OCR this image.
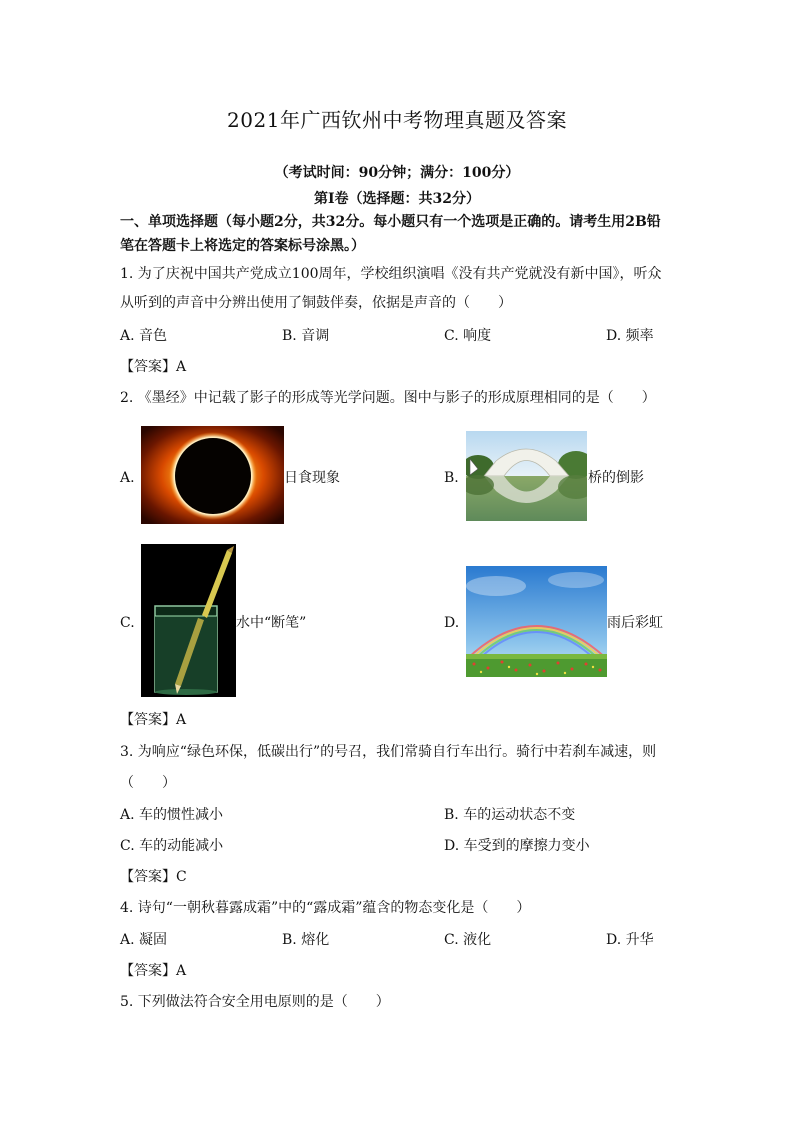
2021年广西钦州中考物理真题及答案
（考试时间：90分钟；满分：100分）
第Ⅰ卷（选择题：共32分）
一、单项选择题（每小题2分，共32分。每小题只有一个选项是正确的。请考生用2B铅
笔在答题卡上将选定的答案标号涂黑。）
1. 为了庆祝中国共产党成立100周年，学校组织演唱《没有共产党就没有新中国》，听众
从听到的声音中分辨出使用了铜鼓伴奏，依据是声音的（　　）
A. 音色	B. 音调	C. 响度	D. 频率
【答案】A
2. 《墨经》中记载了影子的形成等光学问题。图中与影子的形成原理相同的是（　　）
A.	日食现象	B.	桥的倒影
C.	水中“断笔”	D.	雨后彩虹
【答案】A
3. 为响应“绿色环保，低碳出行”的号召，我们常骑自行车出行。骑行中若刹车减速，则
（　　）
A. 车的惯性减小	B. 车的运动状态不变
C. 车的动能减小	D. 车受到的摩擦力变小
【答案】C
4. 诗句“一朝秋暮露成霜”中的“露成霜”蕴含的物态变化是（　　）
A. 凝固	B. 熔化	C. 液化	D. 升华
【答案】A
5. 下列做法符合安全用电原则的是（　　）
